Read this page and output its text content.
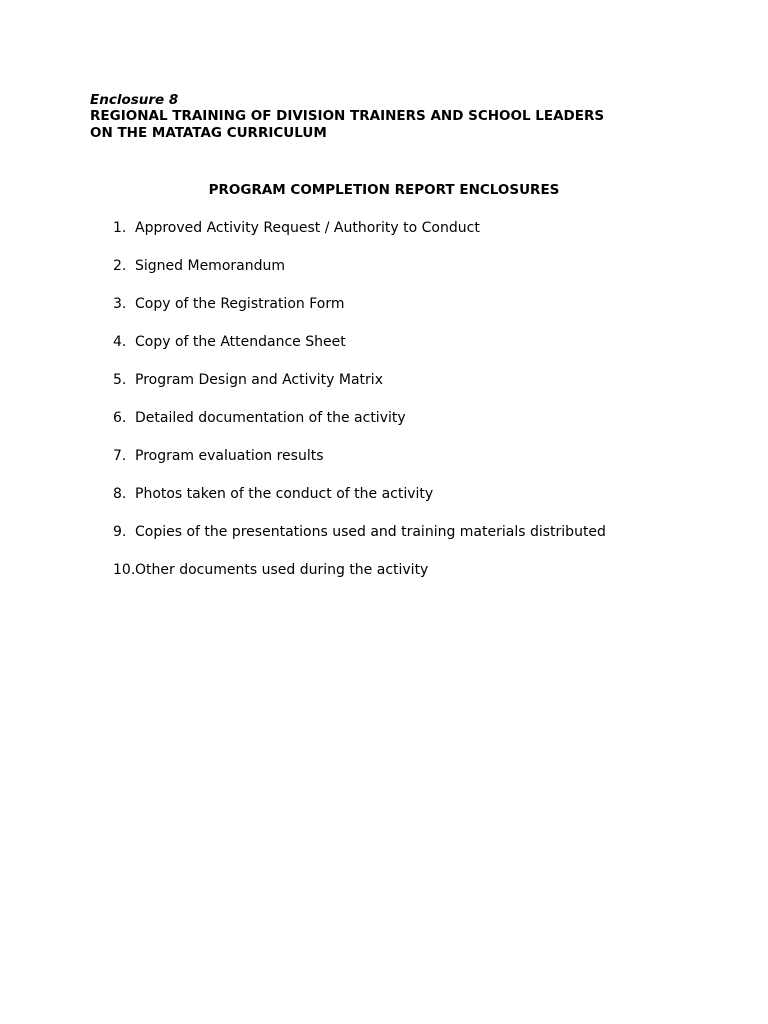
Enclosure 8
REGIONAL TRAINING OF DIVISION TRAINERS AND SCHOOL LEADERS
ON THE MATATAG CURRICULUM
PROGRAM COMPLETION REPORT ENCLOSURES
1. Approved Activity Request / Authority to Conduct
2. Signed Memorandum
3. Copy of the Registration Form
4. Copy of the Attendance Sheet
5. Program Design and Activity Matrix
6. Detailed documentation of the activity
7. Program evaluation results
8. Photos taken of the conduct of the activity
9. Copies of the presentations used and training materials distributed
10.Other documents used during the activity
